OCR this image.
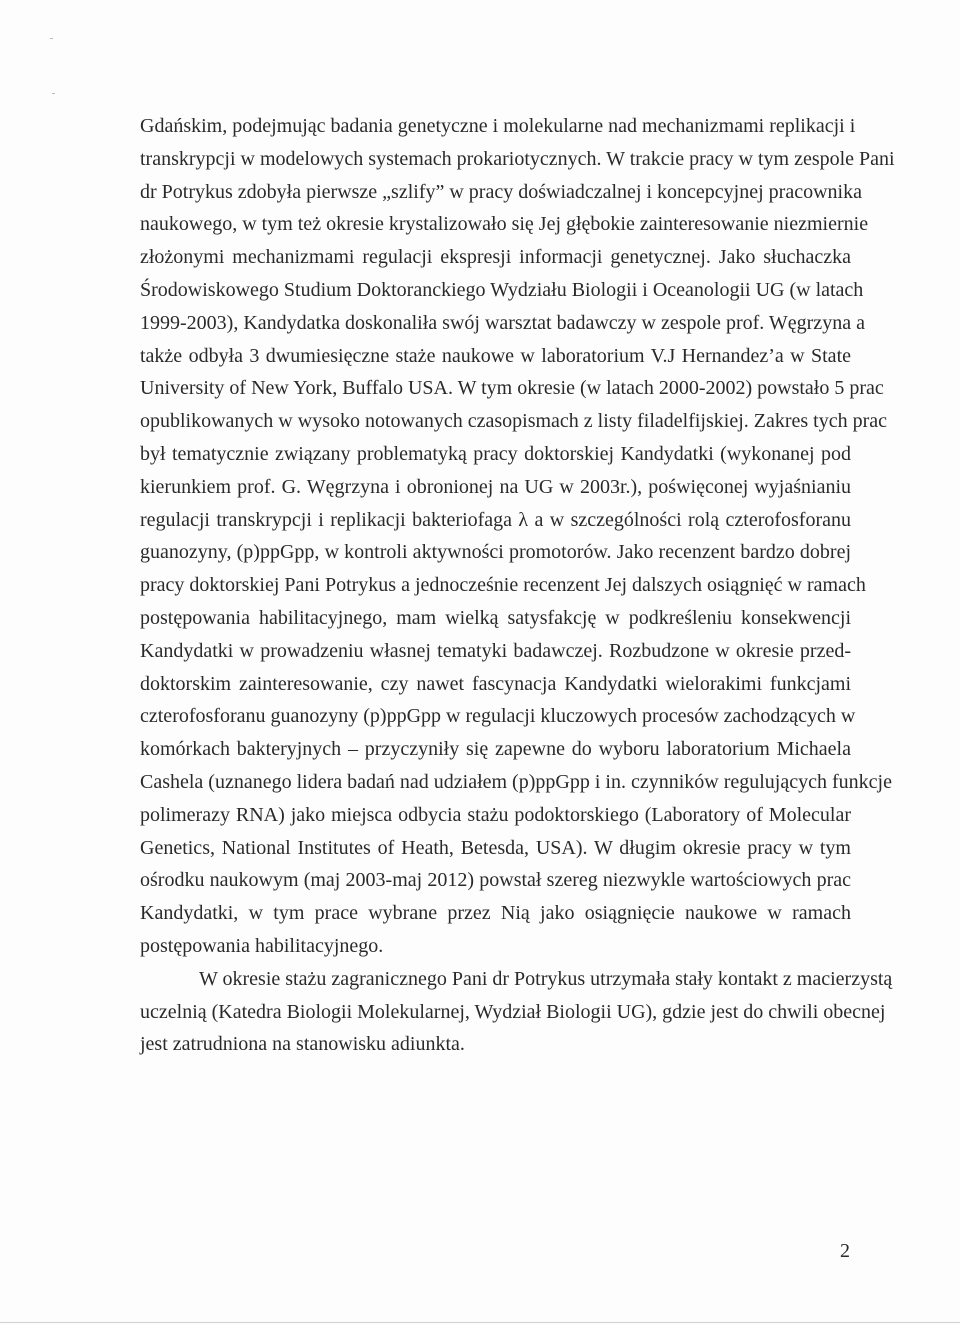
Gdańskim, podejmując badania genetyczne i molekularne nad mechanizmami replikacji i
transkrypcji w modelowych systemach prokariotycznych. W trakcie pracy w tym zespole Pani
dr Potrykus zdobyła pierwsze „szlify” w pracy doświadczalnej i koncepcyjnej pracownika
naukowego, w tym też okresie krystalizowało się Jej głębokie zainteresowanie niezmiernie
złożonymi mechanizmami regulacji ekspresji informacji genetycznej. Jako słuchaczka
Środowiskowego Studium Doktoranckiego Wydziału Biologii i Oceanologii UG (w latach
1999-2003), Kandydatka doskonaliła swój warsztat badawczy w zespole prof. Węgrzyna a
także odbyła 3 dwumiesięczne staże naukowe w laboratorium V.J Hernandez’a w State
University of New York, Buffalo USA. W tym okresie (w latach 2000-2002) powstało 5 prac
opublikowanych w wysoko notowanych czasopismach z listy filadelfijskiej. Zakres tych prac
był tematycznie związany problematyką pracy doktorskiej Kandydatki (wykonanej pod
kierunkiem prof. G. Węgrzyna i obronionej na UG w 2003r.), poświęconej wyjaśnianiu
regulacji transkrypcji i replikacji bakteriofaga λ a w szczególności rolą czterofosforanu
guanozyny, (p)ppGpp, w kontroli aktywności promotorów. Jako recenzent bardzo dobrej
pracy doktorskiej Pani Potrykus a jednocześnie recenzent Jej dalszych osiągnięć w ramach
postępowania habilitacyjnego, mam wielką satysfakcję w podkreśleniu konsekwencji
Kandydatki w prowadzeniu własnej tematyki badawczej. Rozbudzone w okresie przed-
doktorskim zainteresowanie, czy nawet fascynacja Kandydatki wielorakimi funkcjami
czterofosforanu guanozyny (p)ppGpp w regulacji kluczowych procesów zachodzących w
komórkach bakteryjnych – przyczyniły się zapewne do wyboru laboratorium Michaela
Cashela (uznanego lidera badań nad udziałem (p)ppGpp i in. czynników regulujących funkcje
polimerazy RNA) jako miejsca odbycia stażu podoktorskiego (Laboratory of Molecular
Genetics, National Institutes of Heath, Betesda, USA). W długim okresie pracy w tym
ośrodku naukowym (maj 2003-maj 2012) powstał szereg niezwykle wartościowych prac
Kandydatki, w tym prace wybrane przez Nią jako osiągnięcie naukowe w ramach
postępowania habilitacyjnego.
W okresie stażu zagranicznego Pani dr Potrykus utrzymała stały kontakt z macierzystą
uczelnią (Katedra Biologii Molekularnej, Wydział Biologii UG), gdzie jest do chwili obecnej
jest zatrudniona na stanowisku adiunkta.
2
